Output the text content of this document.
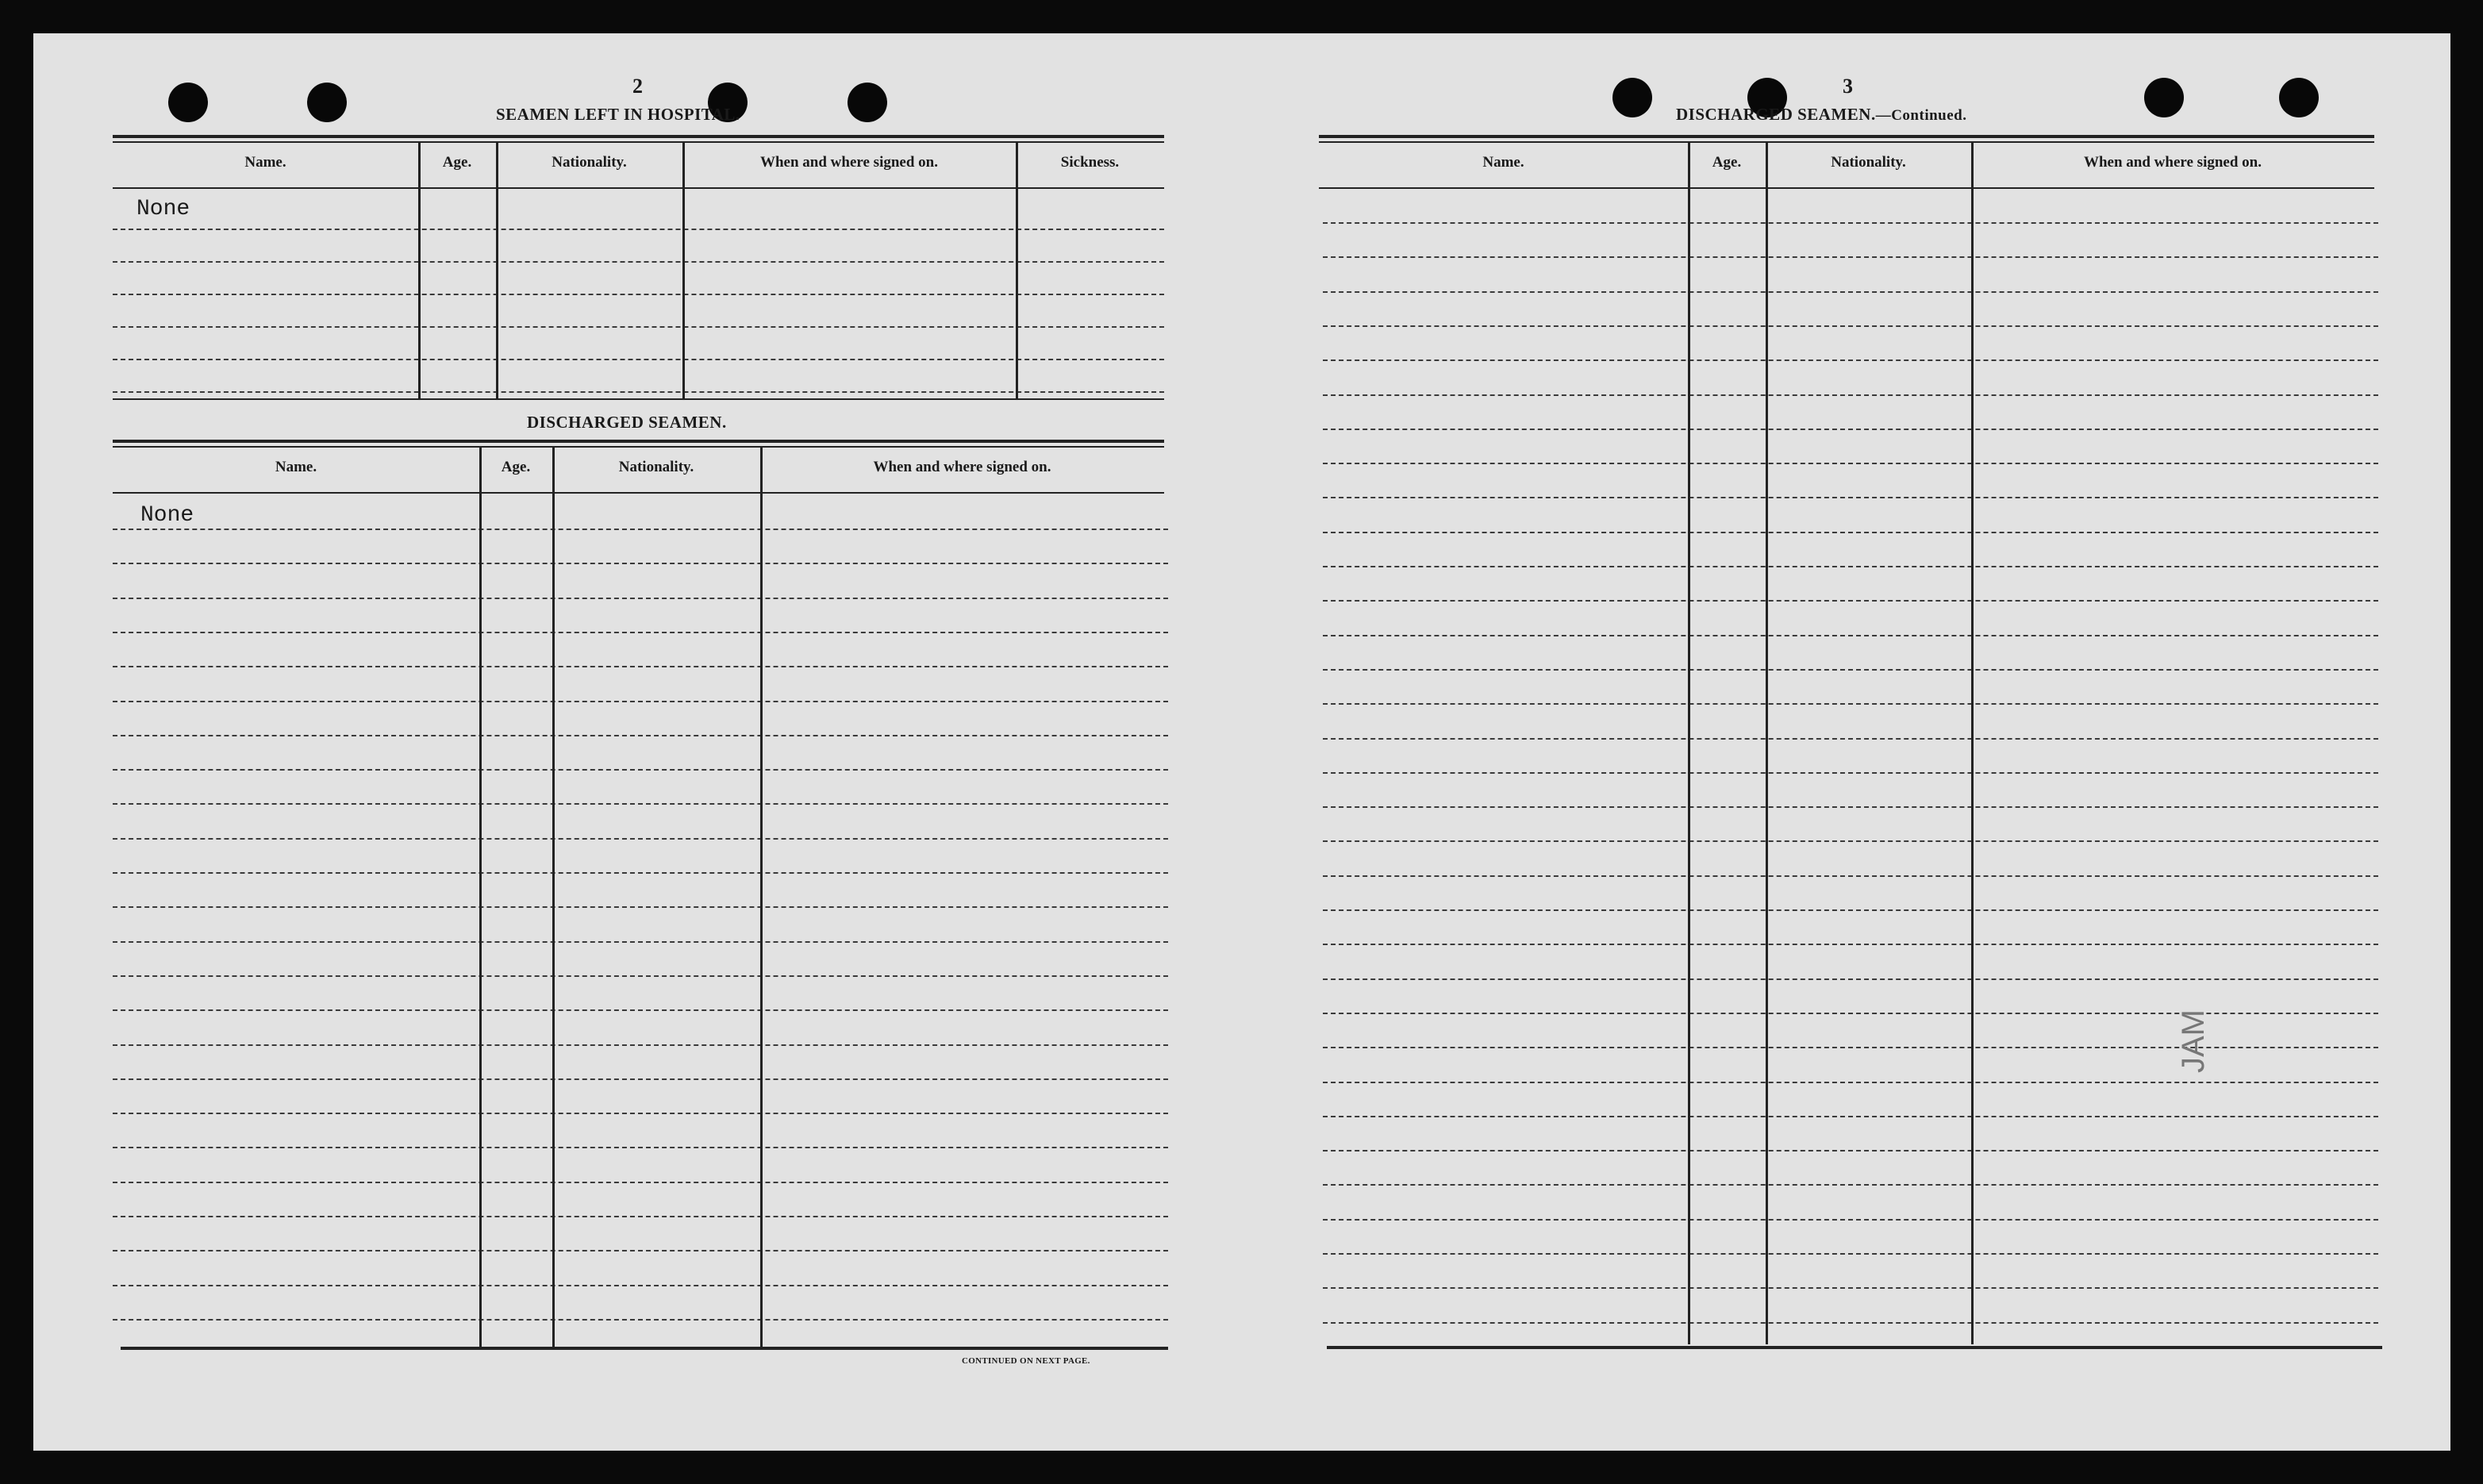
2
SEAMEN LEFT IN HOSPITAL.
Name.	Age.	Nationality.	When and where signed on.	Sickness.
None
DISCHARGED SEAMEN.
Name.	Age.	Nationality.	When and where signed on.
None
CONTINUED ON NEXT PAGE.
3
DISCHARGED SEAMEN.—Continued.
Name.	Age.	Nationality.	When and where signed on.
JAM
